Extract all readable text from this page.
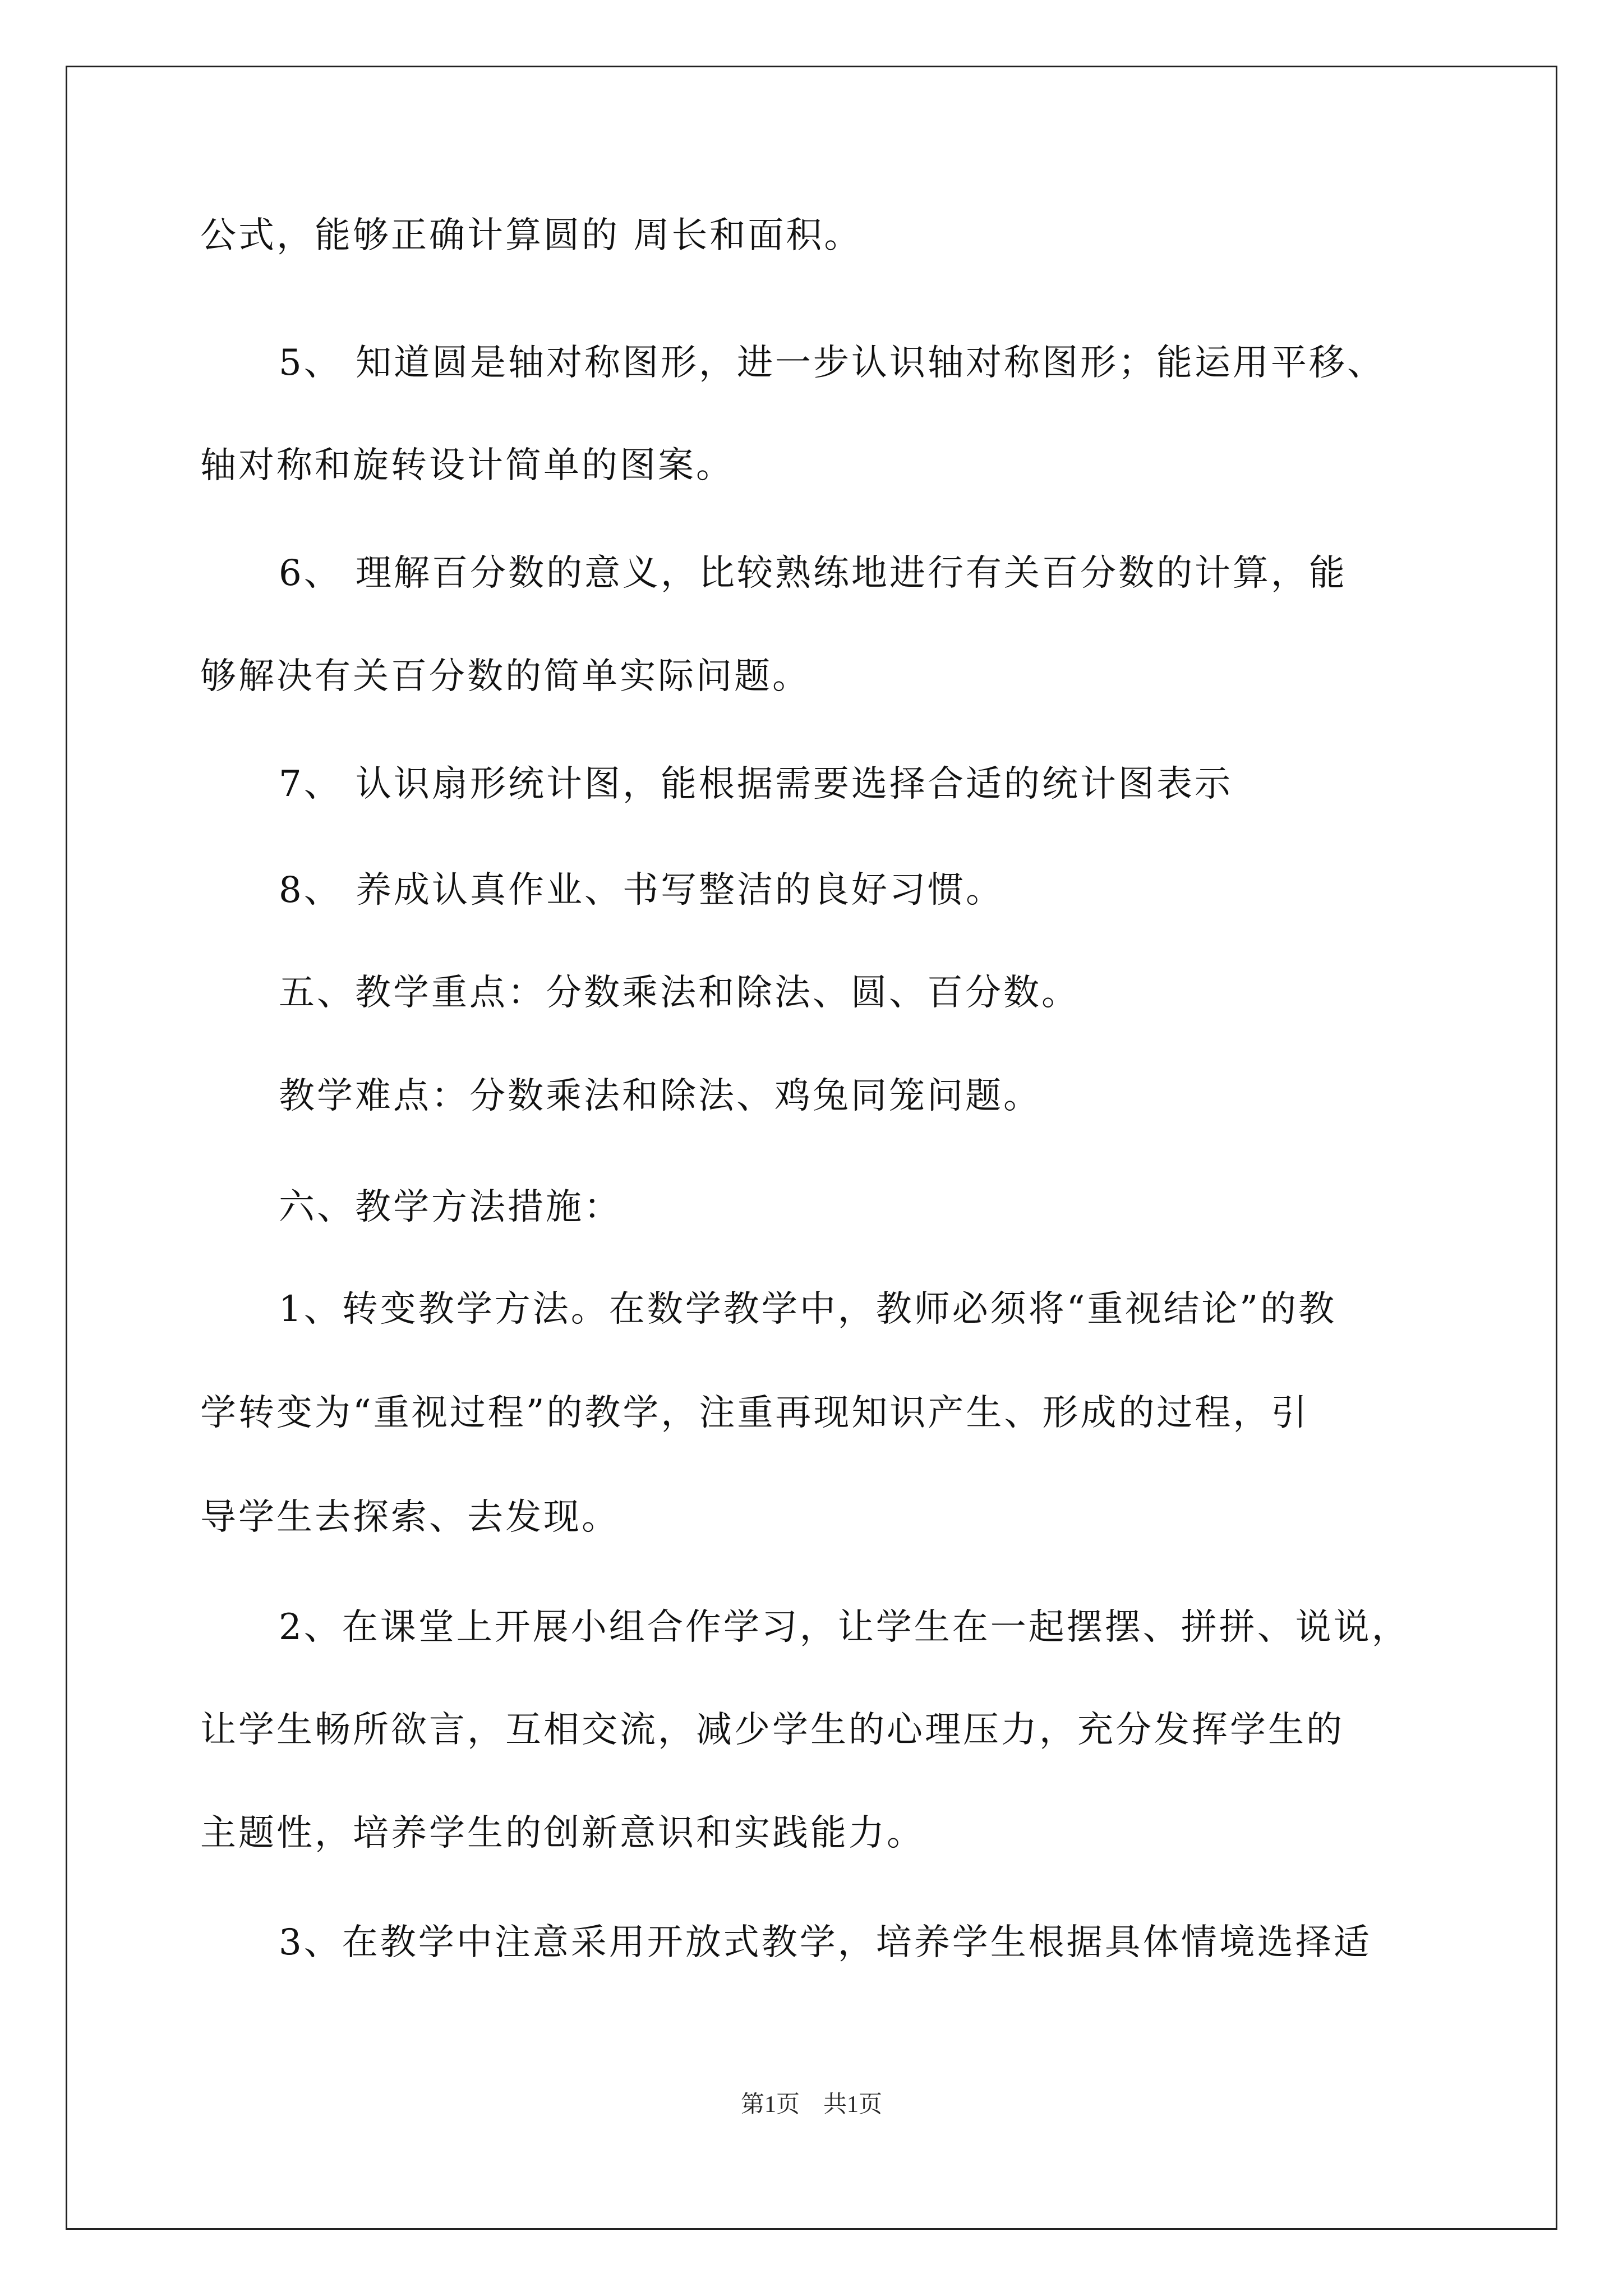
公式，能够正确计算圆的 周长和面积。
5、 知道圆是轴对称图形，进一步认识轴对称图形；能运用平移、
轴对称和旋转设计简单的图案。
6、 理解百分数的意义，比较熟练地进行有关百分数的计算，能
够解决有关百分数的简单实际问题。
7、 认识扇形统计图，能根据需要选择合适的统计图表示
8、 养成认真作业、书写整洁的良好习惯。
五、教学重点：分数乘法和除法、圆、百分数。
教学难点：分数乘法和除法、鸡兔同笼问题。
六、教学方法措施：
1、转变教学方法。在数学教学中，教师必须将“重视结论”的教
学转变为“重视过程”的教学，注重再现知识产生、形成的过程，引
导学生去探索、去发现。
2、在课堂上开展小组合作学习，让学生在一起摆摆、拼拼、说说，
让学生畅所欲言，互相交流，减少学生的心理压力，充分发挥学生的
主题性，培养学生的创新意识和实践能力。
3、在教学中注意采用开放式教学，培养学生根据具体情境选择适
第1页　共1页
